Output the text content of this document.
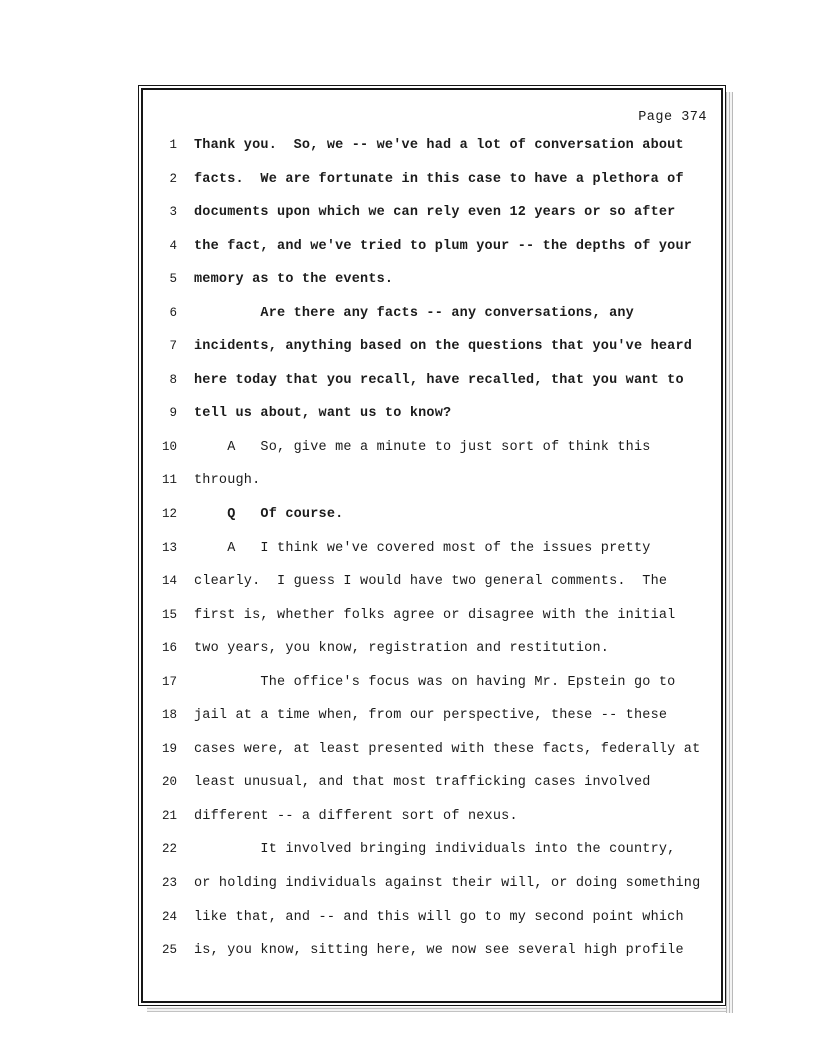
Page 374
1 Thank you.  So, we -- we've had a lot of conversation about
2 facts.  We are fortunate in this case to have a plethora of
3 documents upon which we can rely even 12 years or so after
4 the fact, and we've tried to plum your -- the depths of your
5 memory as to the events.
6 Are there any facts -- any conversations, any
7 incidents, anything based on the questions that you've heard
8 here today that you recall, have recalled, that you want to
9 tell us about, want us to know?
10 A   So, give me a minute to just sort of think this
11 through.
12 Q   Of course.
13 A   I think we've covered most of the issues pretty
14 clearly.  I guess I would have two general comments.  The
15 first is, whether folks agree or disagree with the initial
16 two years, you know, registration and restitution.
17 The office's focus was on having Mr. Epstein go to
18 jail at a time when, from our perspective, these -- these
19 cases were, at least presented with these facts, federally at
20 least unusual, and that most trafficking cases involved
21 different -- a different sort of nexus.
22 It involved bringing individuals into the country,
23 or holding individuals against their will, or doing something
24 like that, and -- and this will go to my second point which
25 is, you know, sitting here, we now see several high profile
